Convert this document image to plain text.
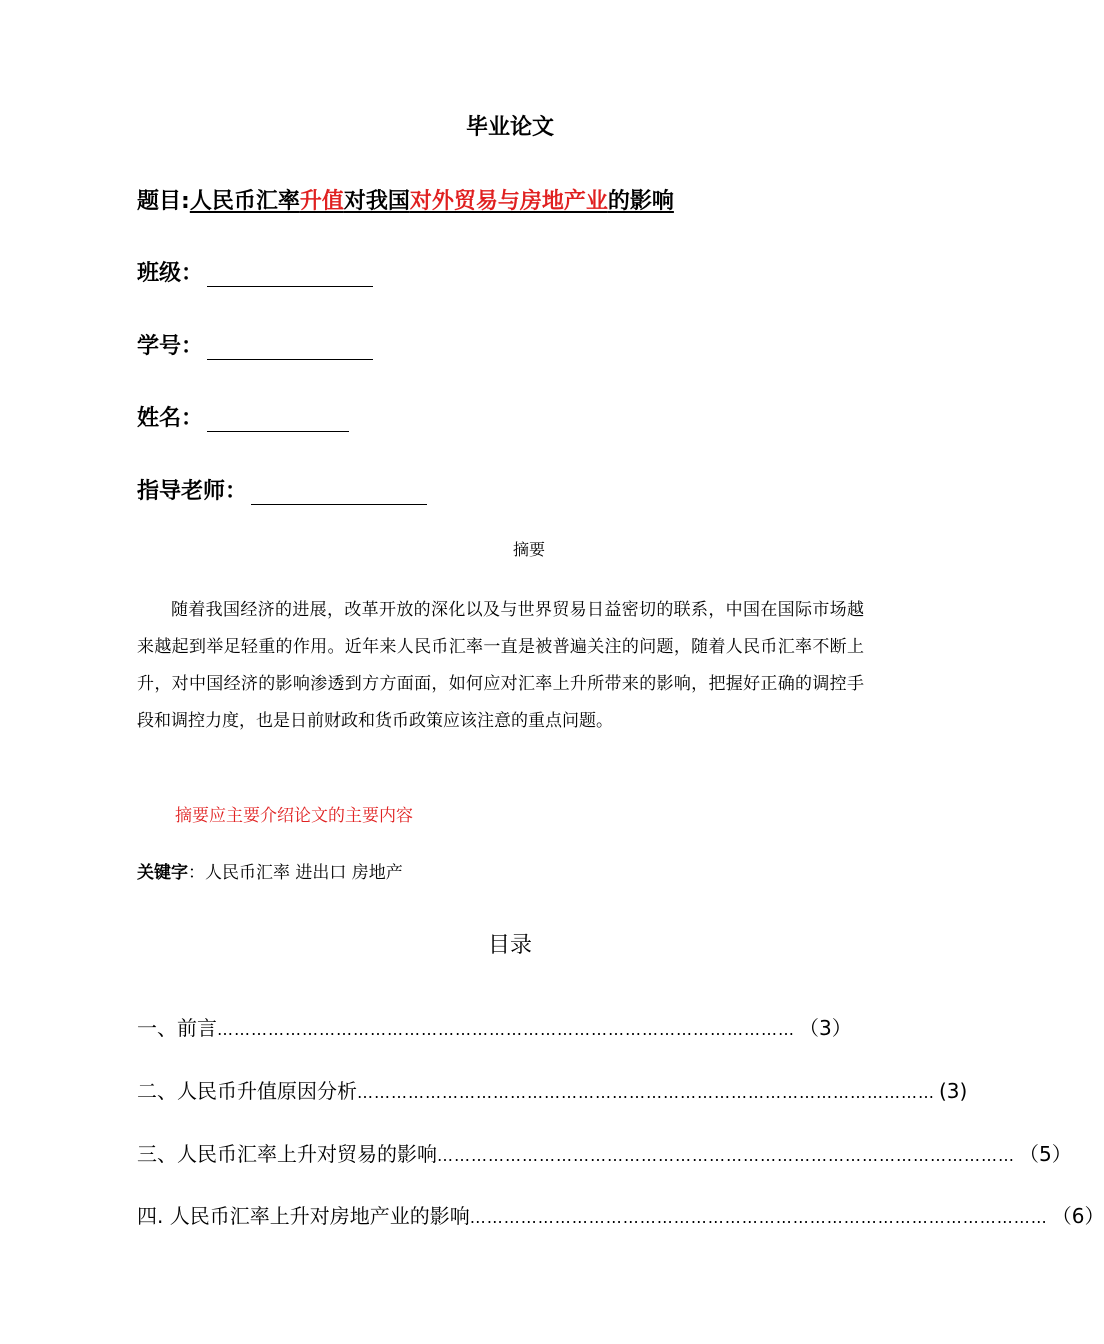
毕业论文
题目:人民币汇率升值对我国对外贸易与房地产业的影响
班级：
学号：
姓名：
指导老师：
摘要
随着我国经济的进展，改革开放的深化以及与世界贸易日益密切的联系，中国在国际市场越来越起到举足轻重的作用。近年来人民币汇率一直是被普遍关注的问题，随着人民币汇率不断上升，对中国经济的影响渗透到方方面面，如何应对汇率上升所带来的影响，把握好正确的调控手段和调控力度，也是日前财政和货币政策应该注意的重点问题。
摘要应主要介绍论文的主要内容
关键字：人民币汇率 进出口 房地产
目录
一、前言 ………………………………………………………………………………………… （3）
二、人民币升值原因分析 ………………………………………………………………………………………… (3)
三、人民币汇率上升对贸易的影响 ………………………………………………………………………………………… （5）
四. 人民币汇率上升对房地产业的影响 ………………………………………………………………………………………… （6）
